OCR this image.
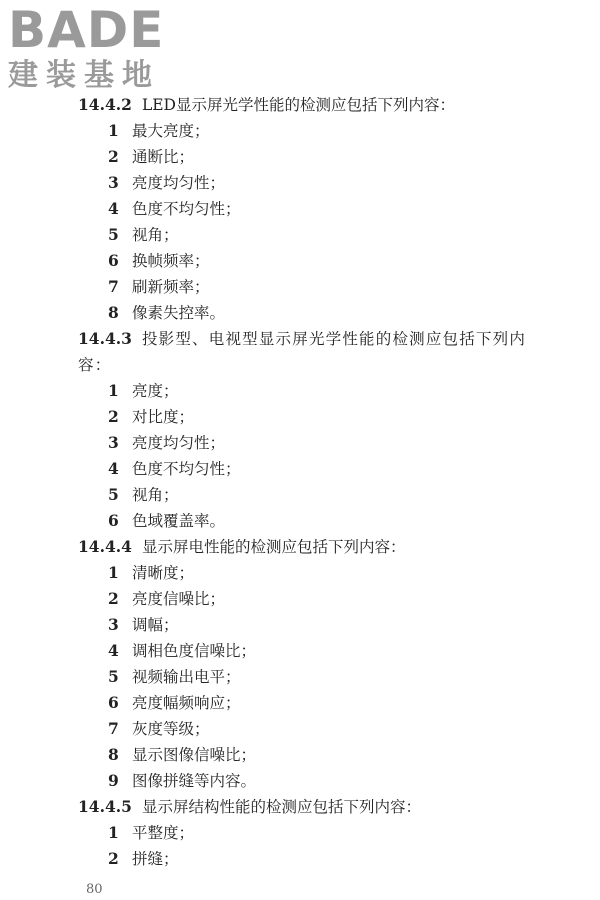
BADE
建装基地
14.4.2 LED显示屏光学性能的检测应包括下列内容：
1 最大亮度；
2 通断比；
3 亮度均匀性；
4 色度不均匀性；
5 视角；
6 换帧频率；
7 刷新频率；
8 像素失控率。
14.4.3 投影型、电视型显示屏光学性能的检测应包括下列内容：
1 亮度；
2 对比度；
3 亮度均匀性；
4 色度不均匀性；
5 视角；
6 色域覆盖率。
14.4.4 显示屏电性能的检测应包括下列内容：
1 清晰度；
2 亮度信噪比；
3 调幅；
4 调相色度信噪比；
5 视频输出电平；
6 亮度幅频响应；
7 灰度等级；
8 显示图像信噪比；
9 图像拼缝等内容。
14.4.5 显示屏结构性能的检测应包括下列内容：
1 平整度；
2 拼缝；
80
